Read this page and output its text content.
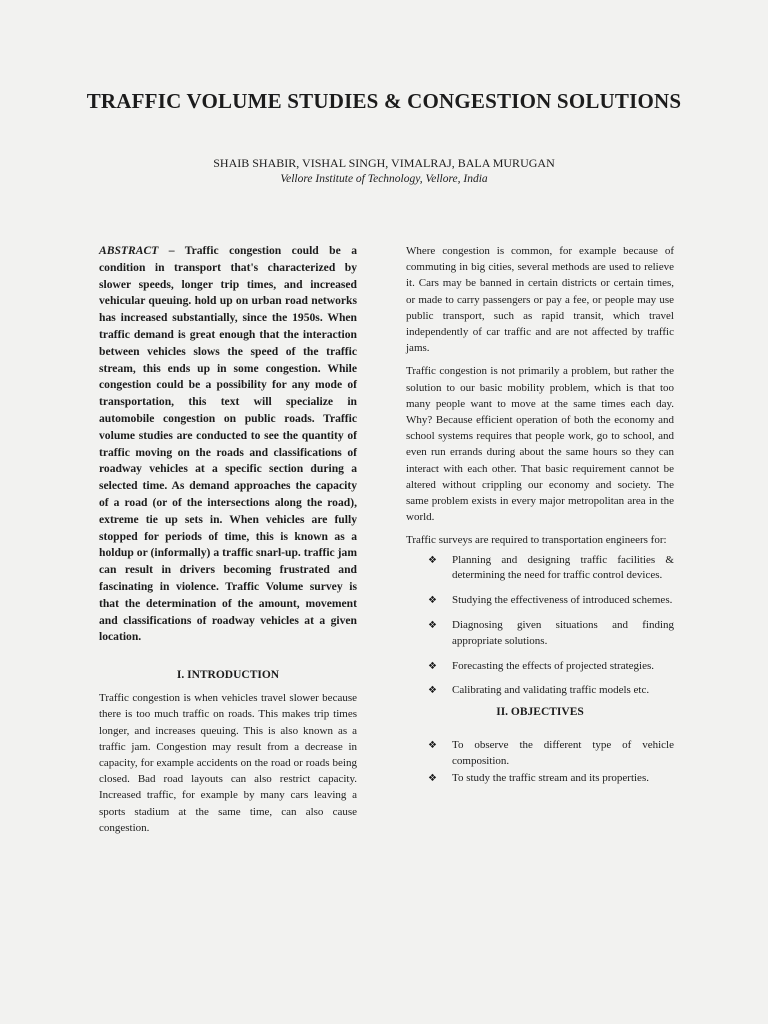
TRAFFIC VOLUME STUDIES & CONGESTION SOLUTIONS
SHAIB SHABIR, VISHAL SINGH, VIMALRAJ, BALA MURUGAN
Vellore Institute of Technology, Vellore, India

ABSTRACT – Traffic congestion could be a condition in transport that's characterized by slower speeds, longer trip times, and increased vehicular queuing. hold up on urban road networks has increased substantially, since the 1950s. When traffic demand is great enough that the interaction between vehicles slows the speed of the traffic stream, this ends up in some congestion. While congestion could be a possibility for any mode of transportation, this text will specialize in automobile congestion on public roads. Traffic volume studies are conducted to see the quantity of traffic moving on the roads and classifications of roadway vehicles at a specific section during a selected time. As demand approaches the capacity of a road (or of the intersections along the road), extreme tie up sets in. When vehicles are fully stopped for periods of time, this is known as a holdup or (informally) a traffic snarl-up. traffic jam can result in drivers becoming frustrated and fascinating in violence. Traffic Volume survey is that the determination of the amount, movement and classifications of roadway vehicles at a given location.

I. INTRODUCTION

Traffic congestion is when vehicles travel slower because there is too much traffic on roads. This makes trip times longer, and increases queuing. This is also known as a traffic jam. Congestion may result from a decrease in capacity, for example accidents on the road or roads being closed. Bad road layouts can also restrict capacity. Increased traffic, for example by many cars leaving a sports stadium at the same time, can also cause congestion.

Where congestion is common, for example because of commuting in big cities, several methods are used to relieve it. Cars may be banned in certain districts or certain times, or made to carry passengers or pay a fee, or people may use public transport, such as rapid transit, which travel independently of car traffic and are not affected by traffic jams.

Traffic congestion is not primarily a problem, but rather the solution to our basic mobility problem, which is that too many people want to move at the same times each day. Why? Because efficient operation of both the economy and school systems requires that people work, go to school, and even run errands during about the same hours so they can interact with each other. That basic requirement cannot be altered without crippling our economy and society. The same problem exists in every major metropolitan area in the world.

Traffic surveys are required to transportation engineers for:

❖ Planning and designing traffic facilities & determining the need for traffic control devices.
❖ Studying the effectiveness of introduced schemes.
❖ Diagnosing given situations and finding appropriate solutions.
❖ Forecasting the effects of projected strategies.
❖ Calibrating and validating traffic models etc.

II. OBJECTIVES

❖ To observe the different type of vehicle composition.
❖ To study the traffic stream and its properties.
